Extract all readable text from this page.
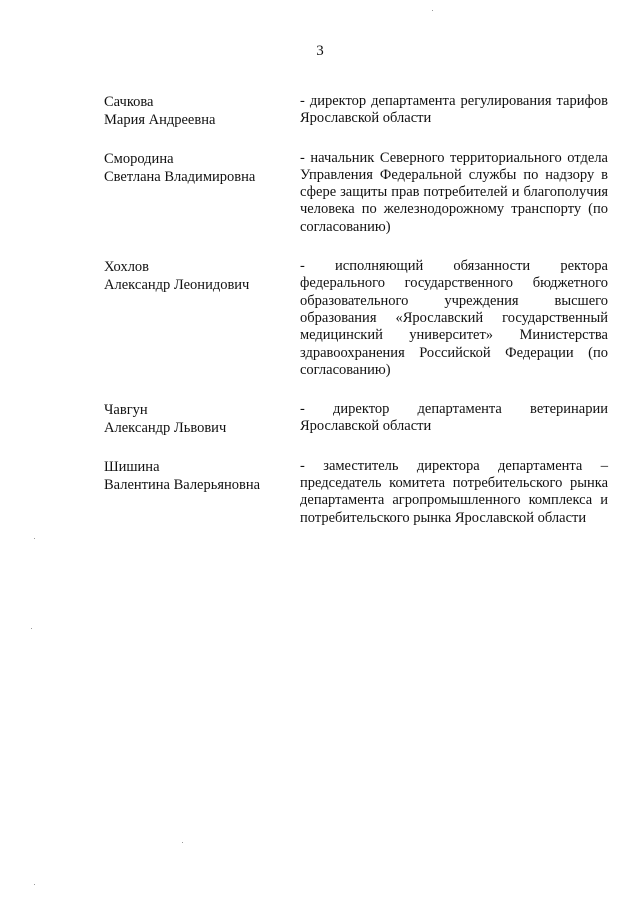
3
Сачкова
Мария Андреевна
- директор департамента регулирования тарифов Ярославской области
Смородина
Светлана Владимировна
- начальник Северного территориального отдела Управления Федеральной службы по надзору в сфере защиты прав потребителей и благополучия человека по железнодорожному транспорту (по согласованию)
Хохлов
Александр Леонидович
- исполняющий обязанности ректора федерального государственного бюджетного образовательного учреждения высшего образования «Ярославский государственный медицинский университет» Министерства здравоохранения Российской Федерации (по согласованию)
Чавгун
Александр Львович
- директор департамента ветеринарии Ярославской области
Шишина
Валентина Валерьяновна
- заместитель директора департамента – председатель комитета потребительского рынка департамента агропромышленного комплекса и потребительского рынка Ярославской области
